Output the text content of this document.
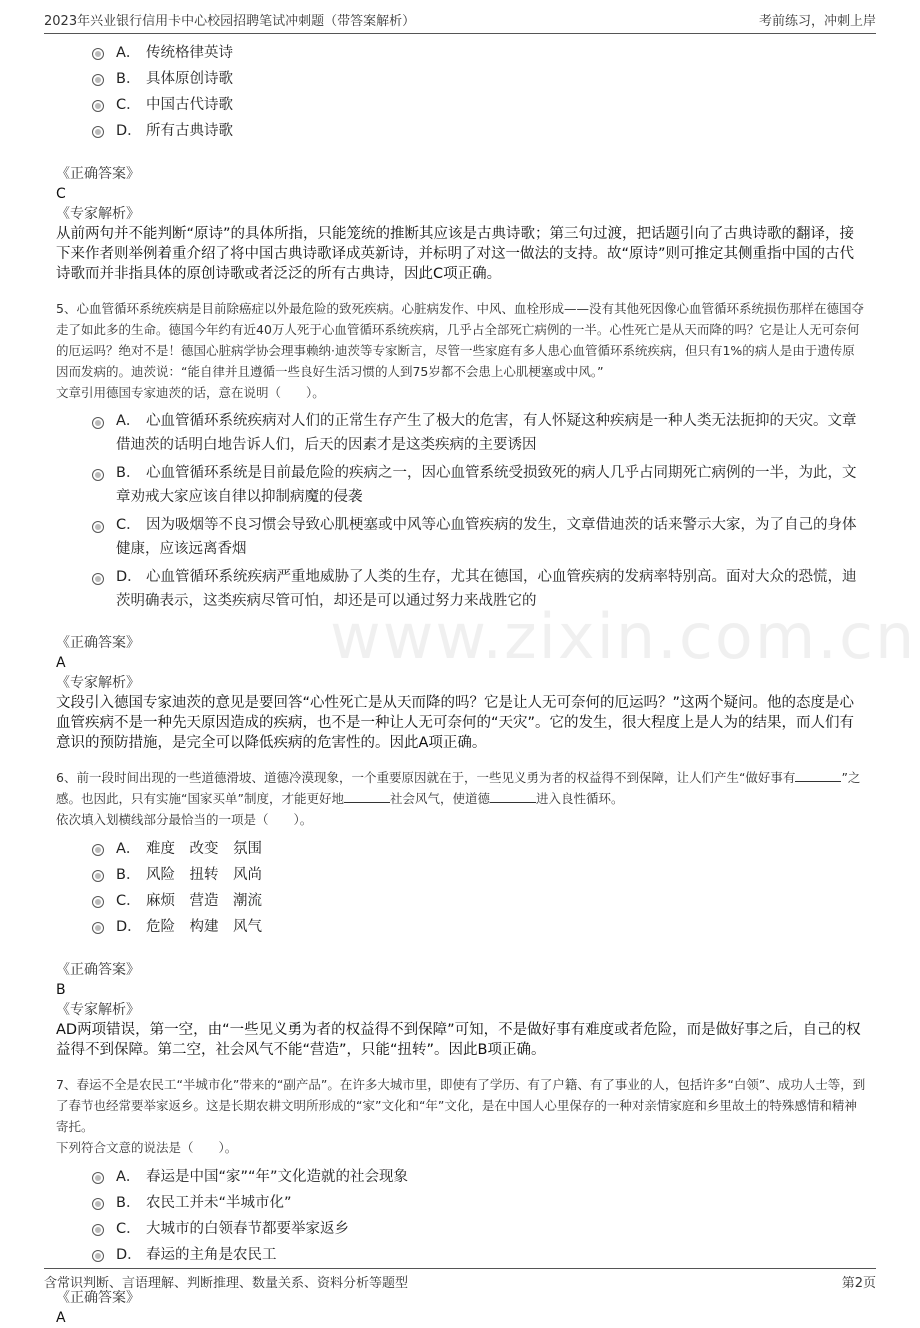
2023年兴业银行信用卡中心校园招聘笔试冲刺题（带答案解析）	考前练习，冲刺上岸
www.zixin.com.cn
A． 传统格律英诗
B． 具体原创诗歌
C． 中国古代诗歌
D． 所有古典诗歌
《正确答案》
C
《专家解析》
从前两句并不能判断“原诗”的具体所指，只能笼统的推断其应该是古典诗歌；第三句过渡，把话题引向了古典诗歌的翻译，接下来作者则举例着重介绍了将中国古典诗歌译成英新诗，并标明了对这一做法的支持。故“原诗”则可推定其侧重指中国的古代诗歌而并非指具体的原创诗歌或者泛泛的所有古典诗，因此C项正确。
5、心血管循环系统疾病是目前除癌症以外最危险的致死疾病。心脏病发作、中风、血栓形成——没有其他死因像心血管循环系统损伤那样在德国夺走了如此多的生命。德国今年约有近40万人死于心血管循环系统疾病，几乎占全部死亡病例的一半。心性死亡是从天而降的吗？它是让人无可奈何的厄运吗？绝对不是！德国心脏病学协会理事赖纳·迪茨等专家断言，尽管一些家庭有多人患心血管循环系统疾病，但只有1%的病人是由于遗传原因而发病的。迪茨说：“能自律并且遵循一些良好生活习惯的人到75岁都不会患上心肌梗塞或中风。”
文章引用德国专家迪茨的话，意在说明（　　）。
A． 心血管循环系统疾病对人们的正常生存产生了极大的危害，有人怀疑这种疾病是一种人类无法扼抑的天灾。文章借迪茨的话明白地告诉人们，后天的因素才是这类疾病的主要诱因
B． 心血管循环系统是目前最危险的疾病之一，因心血管系统受损致死的病人几乎占同期死亡病例的一半，为此，文章劝戒大家应该自律以抑制病魔的侵袭
C． 因为吸烟等不良习惯会导致心肌梗塞或中风等心血管疾病的发生，文章借迪茨的话来警示大家，为了自己的身体健康，应该远离香烟
D． 心血管循环系统疾病严重地威胁了人类的生存，尤其在德国，心血管疾病的发病率特别高。面对大众的恐慌，迪茨明确表示，这类疾病尽管可怕，却还是可以通过努力来战胜它的
《正确答案》
A
《专家解析》
文段引入德国专家迪茨的意见是要回答“心性死亡是从天而降的吗？它是让人无可奈何的厄运吗？”这两个疑问。他的态度是心血管疾病不是一种先天原因造成的疾病，也不是一种让人无可奈何的“天灾”。它的发生，很大程度上是人为的结果，而人们有意识的预防措施，是完全可以降低疾病的危害性的。因此A项正确。
6、前一段时间出现的一些道德滑坡、道德冷漠现象，一个重要原因就在于，一些见义勇为者的权益得不到保障，让人们产生“做好事有	”之感。也因此，只有实施“国家买单”制度，才能更好地	社会风气，使道德	进入良性循环。
依次填入划横线部分最恰当的一项是（　　）。
A． 难度　改变　氛围
B． 风险　扭转　风尚
C． 麻烦　营造　潮流
D． 危险　构建　风气
《正确答案》
B
《专家解析》
AD两项错误，第一空，由“一些见义勇为者的权益得不到保障”可知，不是做好事有难度或者危险，而是做好事之后，自己的权益得不到保障。第二空，社会风气不能“营造”，只能“扭转”。因此B项正确。
7、春运不全是农民工“半城市化”带来的“副产品”。在许多大城市里，即使有了学历、有了户籍、有了事业的人，包括许多“白领”、成功人士等，到了春节也经常要举家返乡。这是长期农耕文明所形成的“家”文化和“年”文化，是在中国人心里保存的一种对亲情家庭和乡里故土的特殊感情和精神寄托。
下列符合文意的说法是（　　）。
A． 春运是中国“家”“年”文化造就的社会现象
B． 农民工并未“半城市化”
C． 大城市的白领春节都要举家返乡
D． 春运的主角是农民工
《正确答案》
A
含常识判断、言语理解、判断推理、数量关系、资料分析等题型	第2页
